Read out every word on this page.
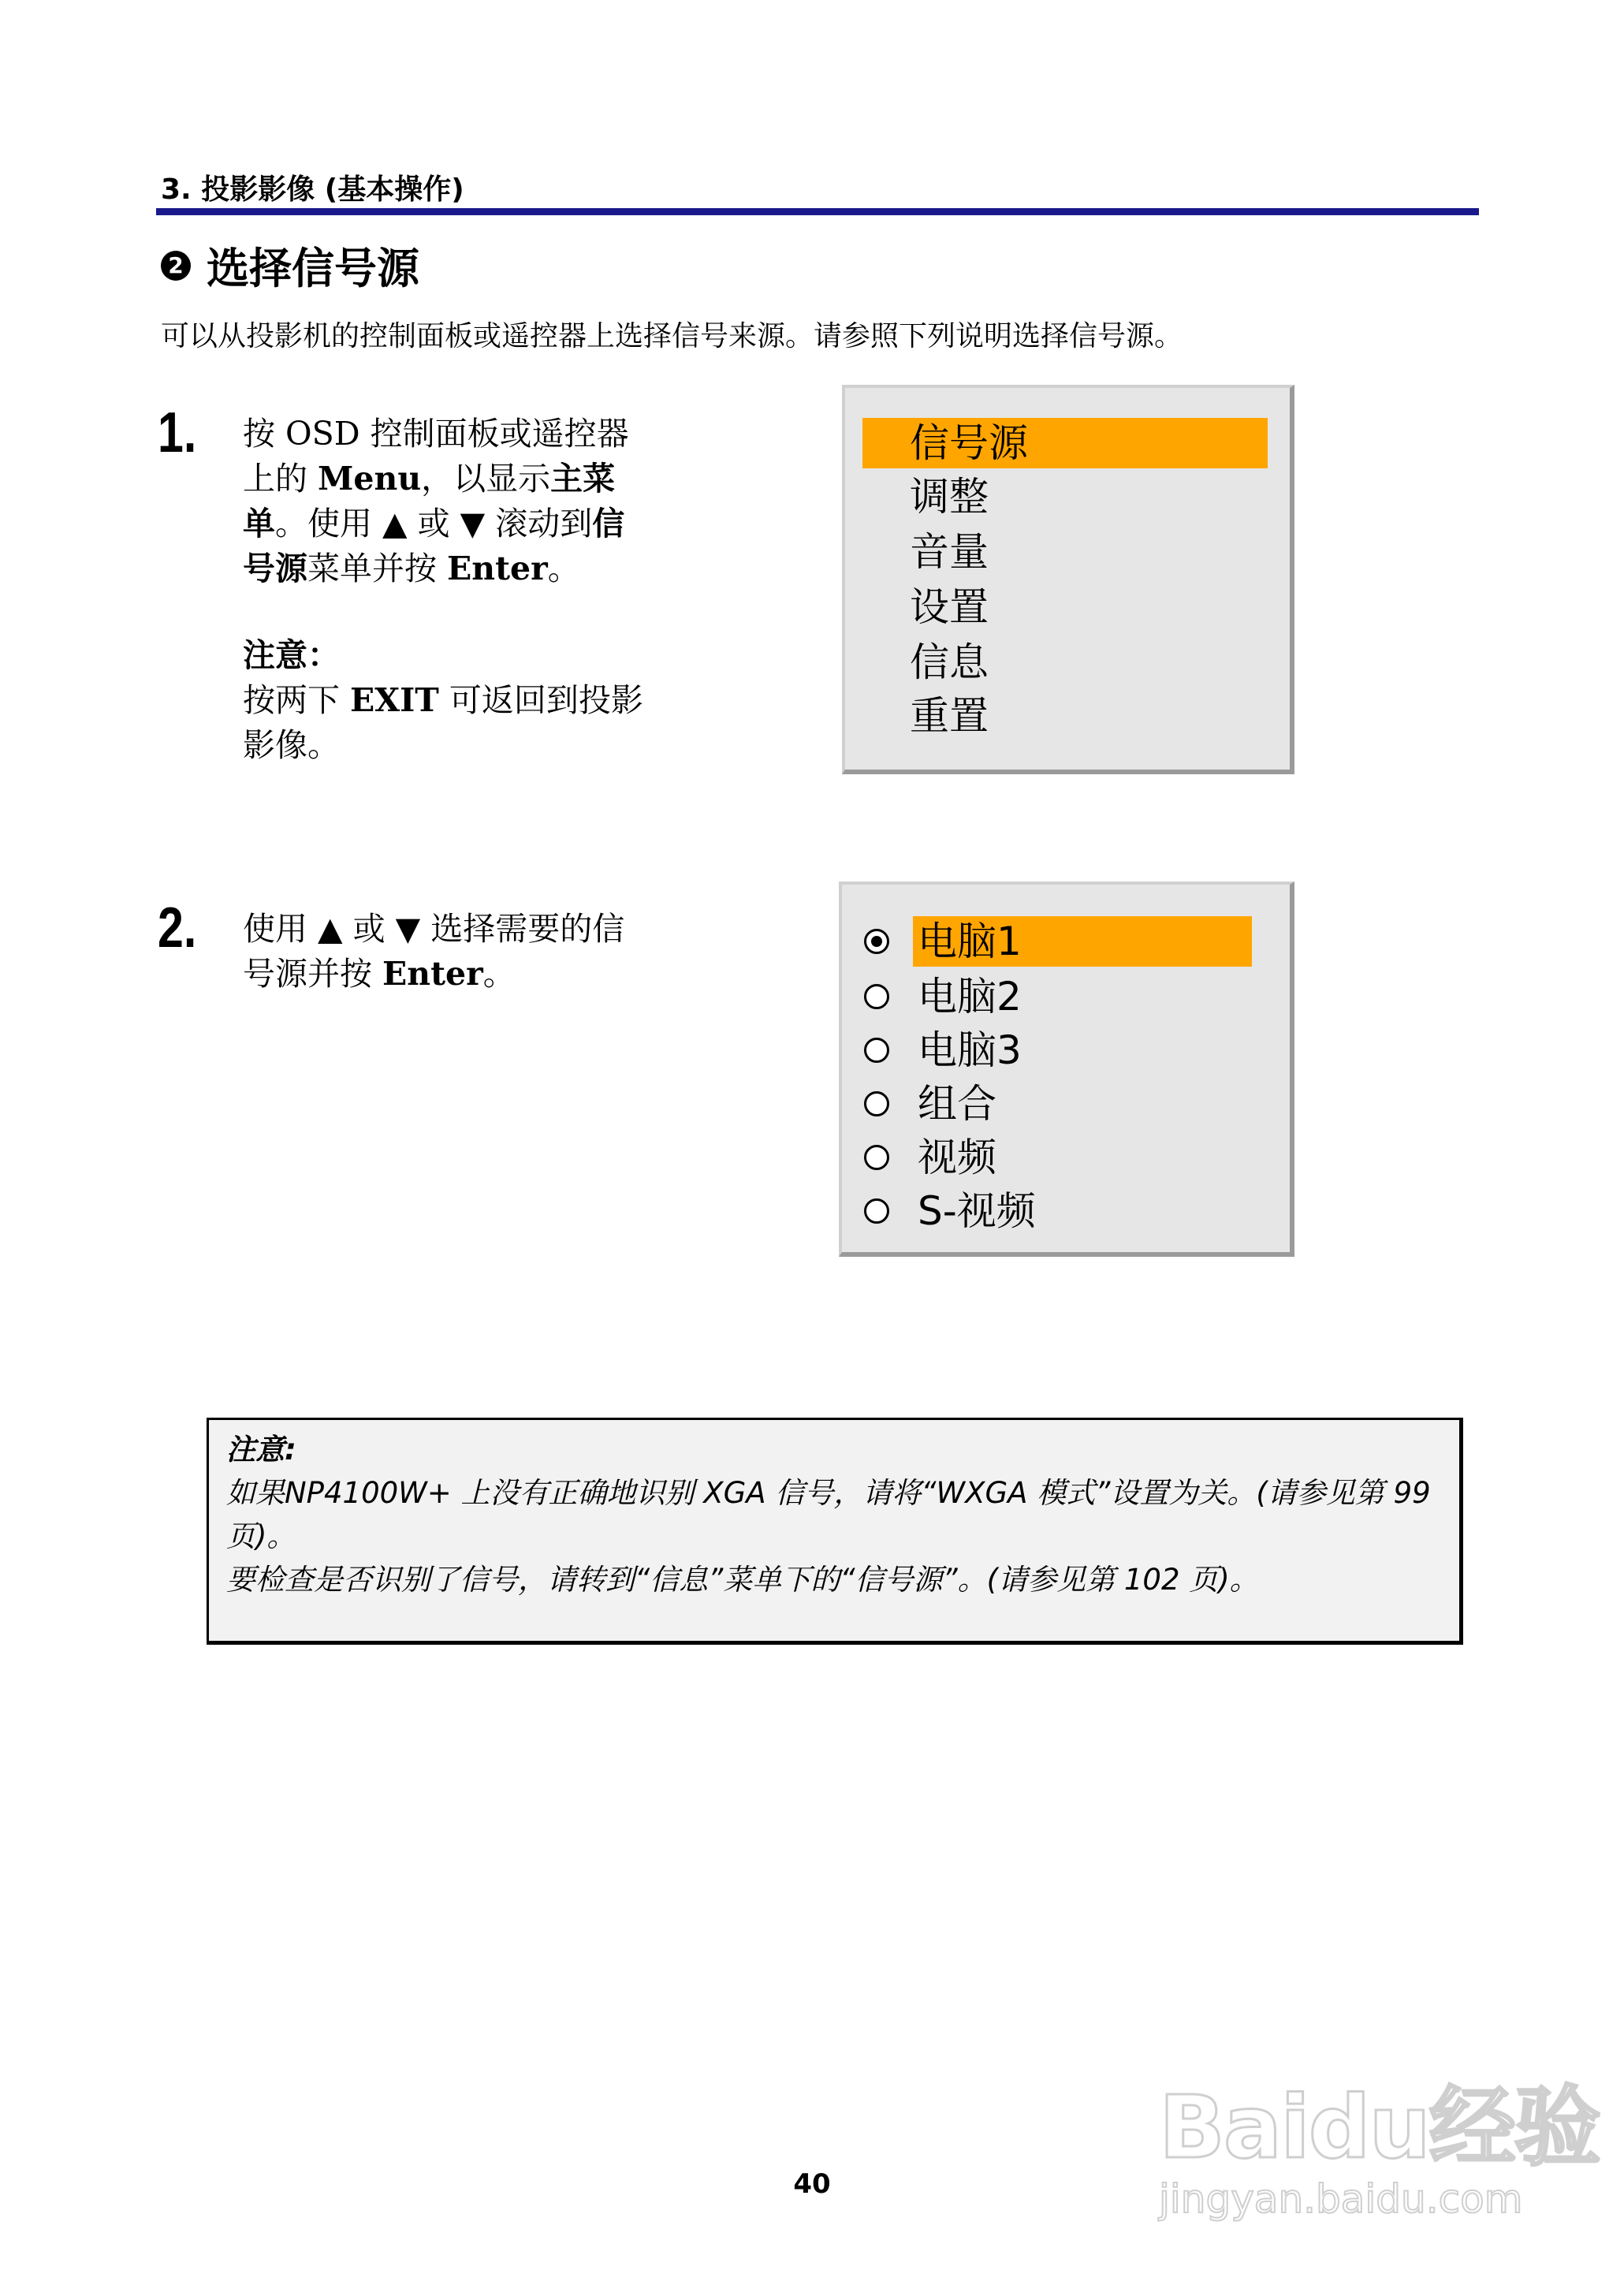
3. 投影影像 (基本操作)
2 选择信号源
可以从投影机的控制面板或遥控器上选择信号来源。请参照下列说明选择信号源。
1. 按 OSD 控制面板或遥控器上的 Menu，以显示主菜单。使用 ▲ 或 ▼ 滚动到信号源菜单并按 Enter。
注意：
按两下 EXIT 可返回到投影影像。
信号源
调整
音量
设置
信息
重置
2. 使用 ▲ 或 ▼ 选择需要的信号源并按 Enter。
电脑1
电脑2
电脑3
组合
视频
S-视频
注意:
如果NP4100W+ 上没有正确地识别 XGA 信号，请将“WXGA 模式”设置为关。(请参见第 99页)。
要检查是否识别了信号，请转到“信息”菜单下的“信号源”。(请参见第 102 页)。
40
Baidu经验
jingyan.baidu.com
